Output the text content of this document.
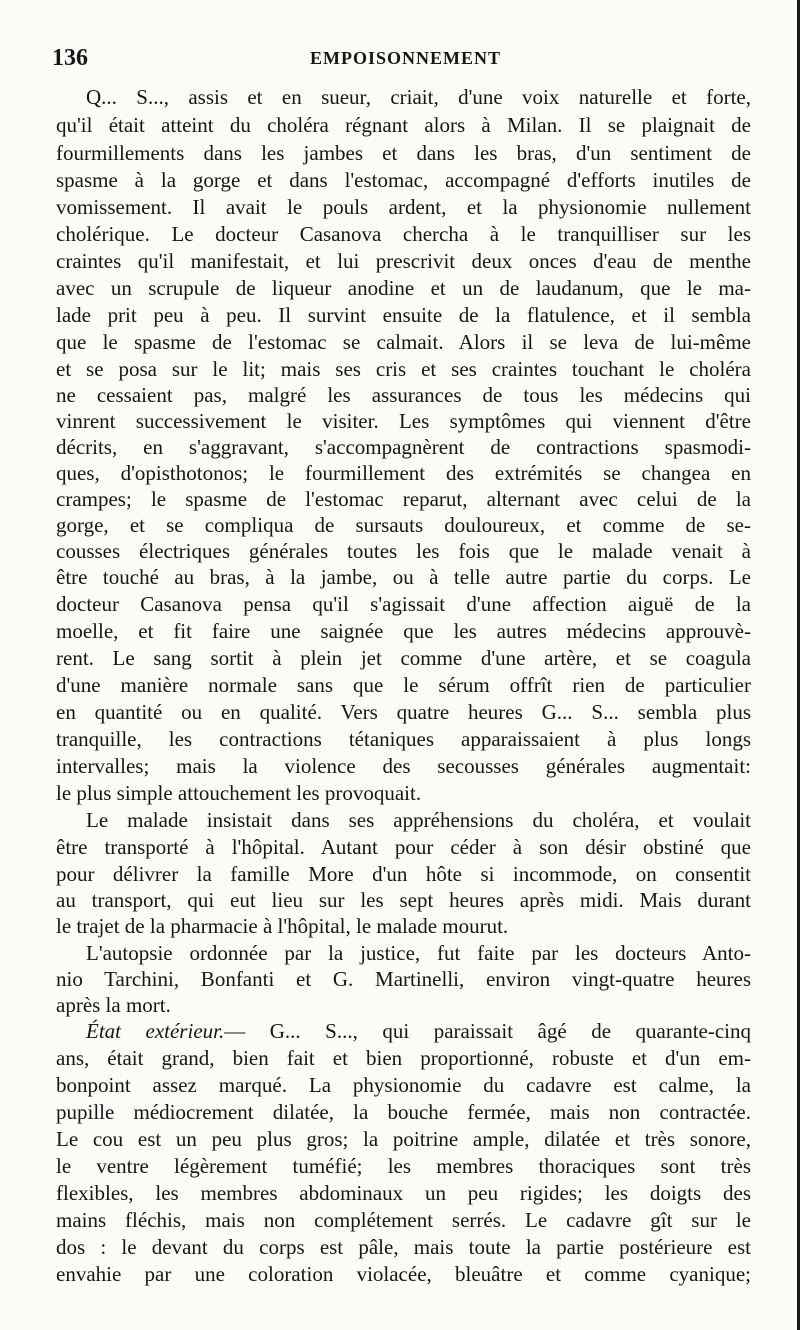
136	EMPOISONNEMENT
Q... S..., assis et en sueur, criait, d'une voix naturelle et forte,
qu'il était atteint du choléra régnant alors à Milan. Il se plaignait de
fourmillements dans les jambes et dans les bras, d'un sentiment de
spasme à la gorge et dans l'estomac, accompagné d'efforts inutiles de
vomissement. Il avait le pouls ardent, et la physionomie nullement
cholérique. Le docteur Casanova chercha à le tranquilliser sur les
craintes qu'il manifestait, et lui prescrivit deux onces d'eau de menthe
avec un scrupule de liqueur anodine et un de laudanum, que le ma-
lade prit peu à peu. Il survint ensuite de la flatulence, et il sembla
que le spasme de l'estomac se calmait. Alors il se leva de lui-même
et se posa sur le lit; mais ses cris et ses craintes touchant le choléra
ne cessaient pas, malgré les assurances de tous les médecins qui
vinrent successivement le visiter. Les symptômes qui viennent d'être
décrits, en s'aggravant, s'accompagnèrent de contractions spasmodi-
ques, d'opisthotonos; le fourmillement des extrémités se changea en
crampes; le spasme de l'estomac reparut, alternant avec celui de la
gorge, et se compliqua de sursauts douloureux, et comme de se-
cousses électriques générales toutes les fois que le malade venait à
être touché au bras, à la jambe, ou à telle autre partie du corps. Le
docteur Casanova pensa qu'il s'agissait d'une affection aiguë de la
moelle, et fit faire une saignée que les autres médecins approuvè-
rent. Le sang sortit à plein jet comme d'une artère, et se coagula
d'une manière normale sans que le sérum offrît rien de particulier
en quantité ou en qualité. Vers quatre heures G... S... sembla plus
tranquille, les contractions tétaniques apparaissaient à plus longs
intervalles; mais la violence des secousses générales augmentait:
le plus simple attouchement les provoquait.
Le malade insistait dans ses appréhensions du choléra, et voulait
être transporté à l'hôpital. Autant pour céder à son désir obstiné que
pour délivrer la famille More d'un hôte si incommode, on consentit
au transport, qui eut lieu sur les sept heures après midi. Mais durant
le trajet de la pharmacie à l'hôpital, le malade mourut.
L'autopsie ordonnée par la justice, fut faite par les docteurs Anto-
nio Tarchini, Bonfanti et G. Martinelli, environ vingt-quatre heures
après la mort.
État extérieur.— G... S..., qui paraissait âgé de quarante-cinq
ans, était grand, bien fait et bien proportionné, robuste et d'un em-
bonpoint assez marqué. La physionomie du cadavre est calme, la
pupille médiocrement dilatée, la bouche fermée, mais non contractée.
Le cou est un peu plus gros; la poitrine ample, dilatée et très sonore,
le ventre légèrement tuméfié; les membres thoraciques sont très
flexibles, les membres abdominaux un peu rigides; les doigts des
mains fléchis, mais non complétement serrés. Le cadavre gît sur le
dos : le devant du corps est pâle, mais toute la partie postérieure est
envahie par une coloration violacée, bleuâtre et comme cyanique;
